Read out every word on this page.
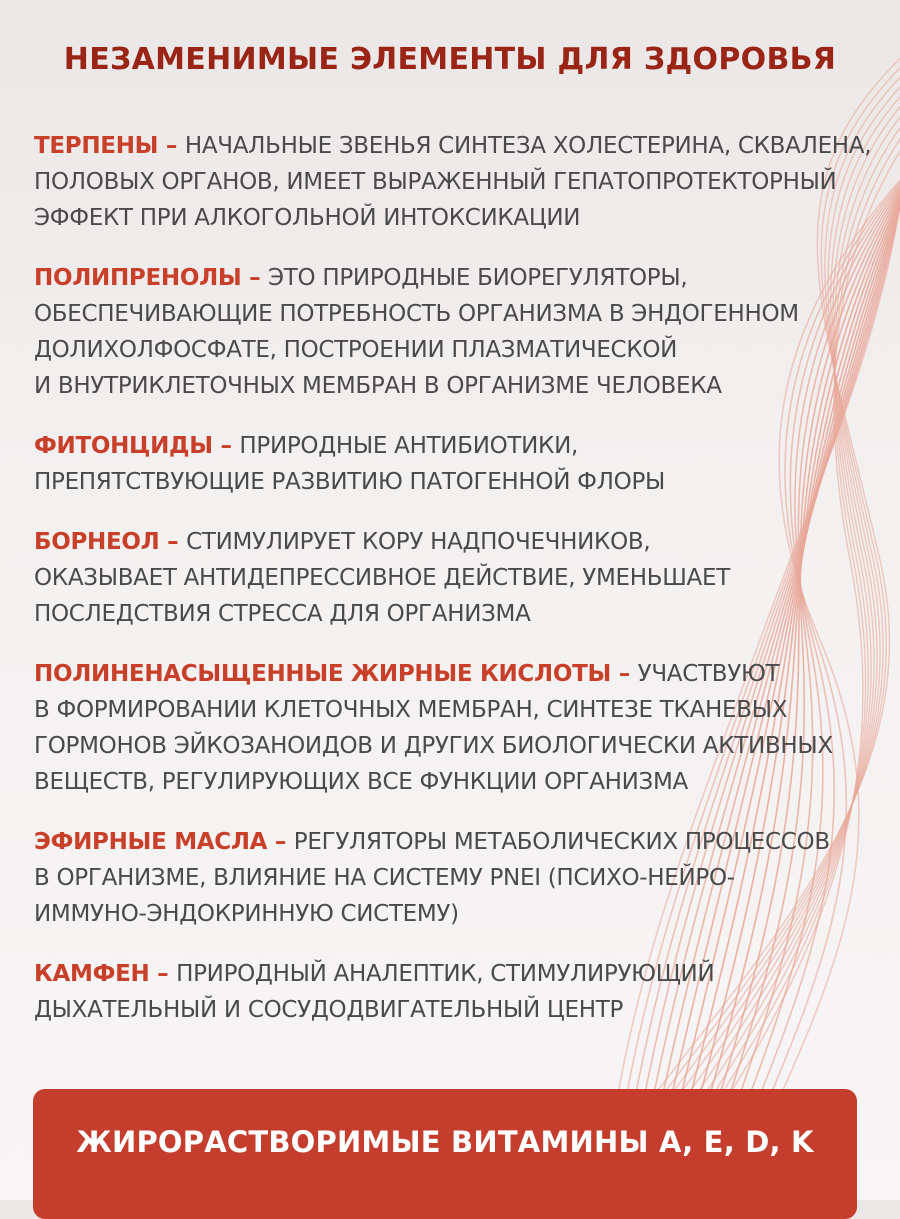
НЕЗАМЕНИМЫЕ ЭЛЕМЕНТЫ ДЛЯ ЗДОРОВЬЯ
ТЕРПЕНЫ – НАЧАЛЬНЫЕ ЗВЕНЬЯ СИНТЕЗА ХОЛЕСТЕРИНА, СКВАЛЕНА,
ПОЛОВЫХ ОРГАНОВ, ИМЕЕТ ВЫРАЖЕННЫЙ ГЕПАТОПРОТЕКТОРНЫЙ
ЭФФЕКТ ПРИ АЛКОГОЛЬНОЙ ИНТОКСИКАЦИИ
ПОЛИПРЕНОЛЫ – ЭТО ПРИРОДНЫЕ БИОРЕГУЛЯТОРЫ,
ОБЕСПЕЧИВАЮЩИЕ ПОТРЕБНОСТЬ ОРГАНИЗМА В ЭНДОГЕННОМ
ДОЛИХОЛФОСФАТЕ, ПОСТРОЕНИИ ПЛАЗМАТИЧЕСКОЙ
И ВНУТРИКЛЕТОЧНЫХ МЕМБРАН В ОРГАНИЗМЕ ЧЕЛОВЕКА
ФИТОНЦИДЫ – ПРИРОДНЫЕ АНТИБИОТИКИ,
ПРЕПЯТСТВУЮЩИЕ РАЗВИТИЮ ПАТОГЕННОЙ ФЛОРЫ
БОРНЕОЛ – СТИМУЛИРУЕТ КОРУ НАДПОЧЕЧНИКОВ,
ОКАЗЫВАЕТ АНТИДЕПРЕССИВНОЕ ДЕЙСТВИЕ, УМЕНЬШАЕТ
ПОСЛЕДСТВИЯ СТРЕССА ДЛЯ ОРГАНИЗМА
ПОЛИНЕНАСЫЩЕННЫЕ ЖИРНЫЕ КИСЛОТЫ – УЧАСТВУЮТ
В ФОРМИРОВАНИИ КЛЕТОЧНЫХ МЕМБРАН, СИНТЕЗЕ ТКАНЕВЫХ
ГОРМОНОВ ЭЙКОЗАНОИДОВ И ДРУГИХ БИОЛОГИЧЕСКИ АКТИВНЫХ
ВЕЩЕСТВ, РЕГУЛИРУЮЩИХ ВСЕ ФУНКЦИИ ОРГАНИЗМА
ЭФИРНЫЕ МАСЛА – РЕГУЛЯТОРЫ МЕТАБОЛИЧЕСКИХ ПРОЦЕССОВ
В ОРГАНИЗМЕ, ВЛИЯНИЕ НА СИСТЕМУ PNEI (ПСИХО-НЕЙРО-
ИММУНО-ЭНДОКРИННУЮ СИСТЕМУ)
КАМФЕН – ПРИРОДНЫЙ АНАЛЕПТИК, СТИМУЛИРУЮЩИЙ
ДЫХАТЕЛЬНЫЙ И СОСУДОДВИГАТЕЛЬНЫЙ ЦЕНТР
ЖИРОРАСТВОРИМЫЕ ВИТАМИНЫ A, E, D, K
